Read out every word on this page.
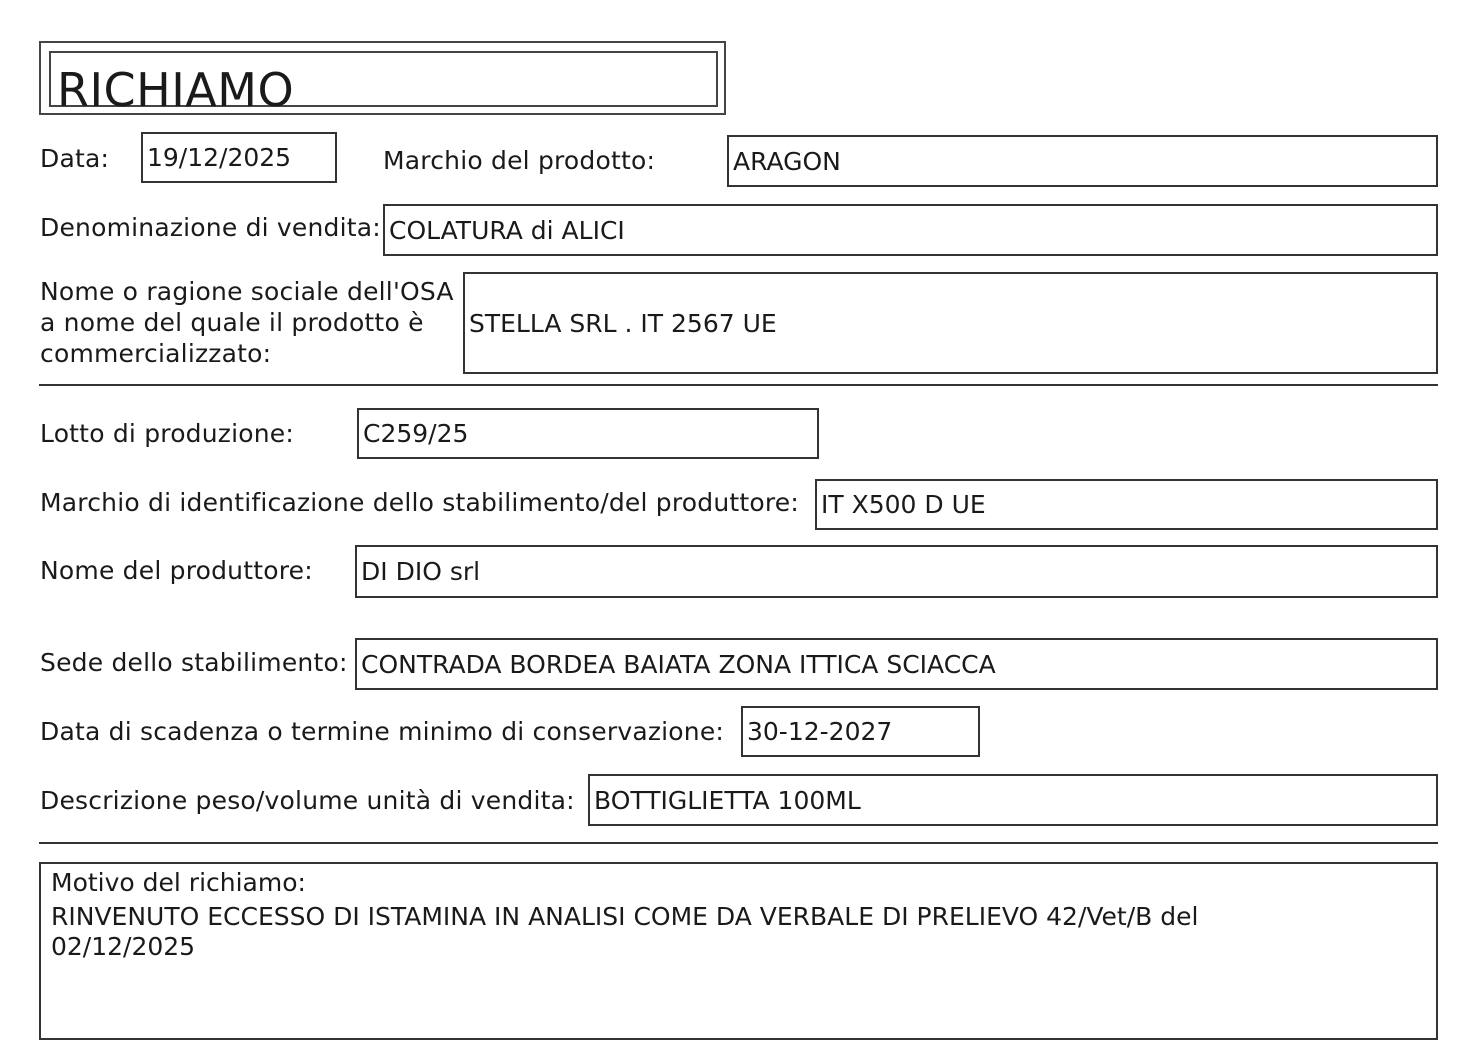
RICHIAMO
Data: 19/12/2025	Marchio del prodotto:	ARAGON
Denominazione di vendita: COLATURA di ALICI
Nome o ragione sociale dell'OSA
a nome del quale il prodotto è
commercializzato:
STELLA SRL . IT 2567 UE
Lotto di produzione:	C259/25
Marchio di identificazione dello stabilimento/del produttore: IT X500 D UE
Nome del produttore: DI DIO srl
Sede dello stabilimento: CONTRADA BORDEA BAIATA ZONA ITTICA SCIACCA
Data di scadenza o termine minimo di conservazione: 30-12-2027
Descrizione peso/volume unità di vendita: BOTTIGLIETTA 100ML
Motivo del richiamo:
RINVENUTO ECCESSO DI ISTAMINA IN ANALISI COME DA VERBALE DI PRELIEVO 42/Vet/B del
02/12/2025
